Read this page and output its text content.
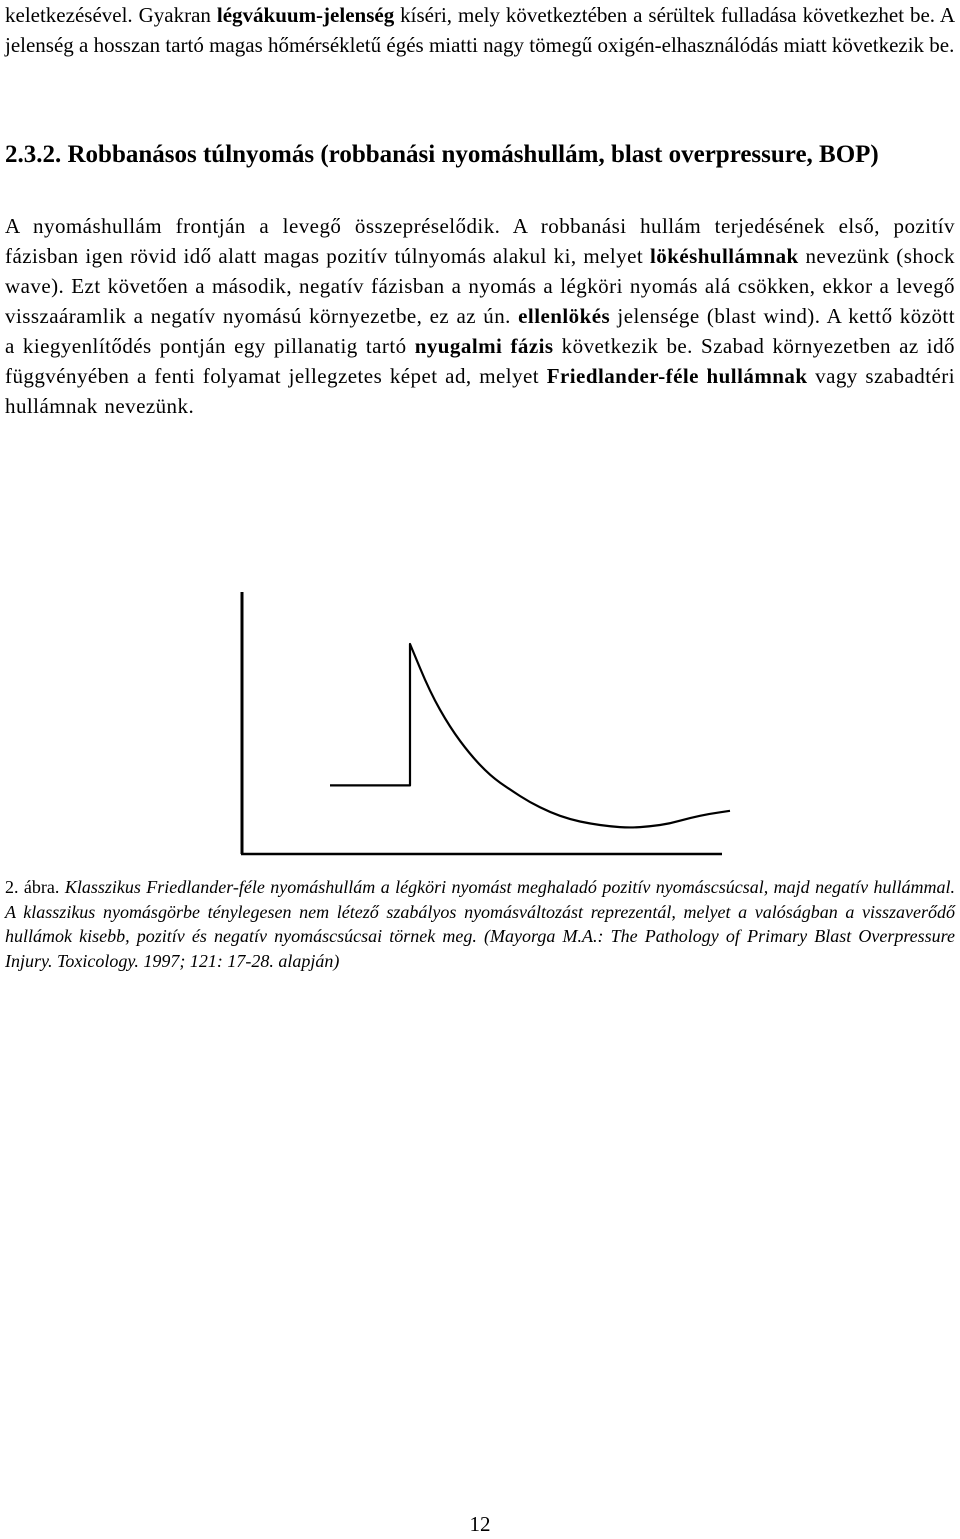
keletkezésével. Gyakran légvákuum-jelenség kíséri, mely következtében a sérültek fulladása következhet be. A jelenség a hosszan tartó magas hőmérsékletű égés miatti nagy tömegű oxigén-elhasználódás miatt következik be.

2.3.2. Robbanásos túlnyomás (robbanási nyomáshullám, blast overpressure, BOP)

A nyomáshullám frontján a levegő összepréselődik. A robbanási hullám terjedésének első, pozitív fázisban igen rövid idő alatt magas pozitív túlnyomás alakul ki, melyet lökéshullámnak nevezünk (shock wave). Ezt követően a második, negatív fázisban a nyomás a légköri nyomás alá csökken, ekkor a levegő visszaáramlik a negatív nyomású környezetbe, ez az ún. ellenlökés jelensége (blast wind). A kettő között a kiegyenlítődés pontján egy pillanatig tartó nyugalmi fázis következik be. Szabad környezetben az idő függvényében a fenti folyamat jellegzetes képet ad, melyet Friedlander-féle hullámnak vagy szabadtéri hullámnak nevezünk.

2. ábra. Klasszikus Friedlander-féle nyomáshullám a légköri nyomást meghaladó pozitív nyomáscsúcsal, majd negatív hullámmal. A klasszikus nyomásgörbe ténylegesen nem létező szabályos nyomásváltozást reprezentál, melyet a valóságban a visszaverődő hullámok kisebb, pozitív és negatív nyomáscsúcsai törnek meg. (Mayorga M.A.: The Pathology of Primary Blast Overpressure Injury. Toxicology. 1997; 121: 17-28. alapján)

12
